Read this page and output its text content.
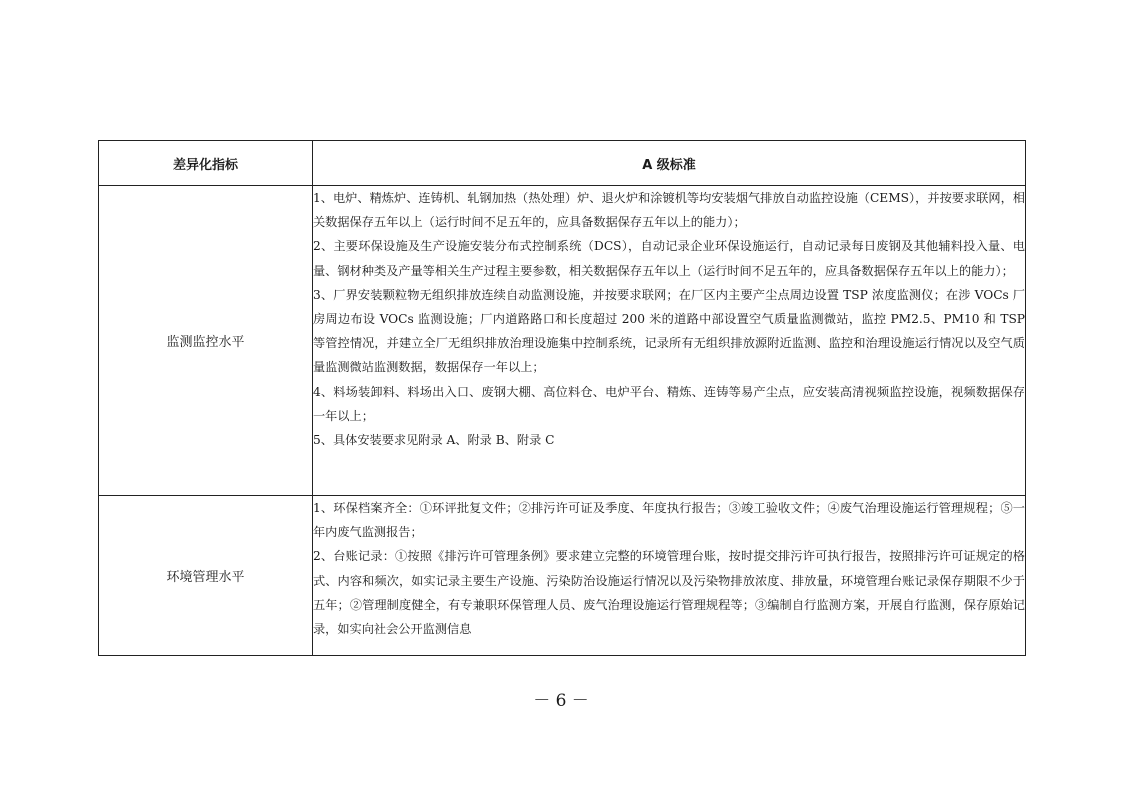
差异化指标	A 级标准
监测监控水平	1、电炉、精炼炉、连铸机、轧钢加热（热处理）炉、退火炉和涂镀机等均安装烟气排放自动监控设施（CEMS），并按要求联网，相关数据保存五年以上（运行时间不足五年的，应具备数据保存五年以上的能力）；

2、主要环保设施及生产设施安装分布式控制系统（DCS），自动记录企业环保设施运行，自动记录每日废钢及其他辅料投入量、电量、钢材种类及产量等相关生产过程主要参数，相关数据保存五年以上（运行时间不足五年的，应具备数据保存五年以上的能力）；

3、厂界安装颗粒物无组织排放连续自动监测设施，并按要求联网；在厂区内主要产尘点周边设置 TSP 浓度监测仪；在涉 VOCs 厂房周边布设 VOCs 监测设施；厂内道路路口和长度超过 200 米的道路中部设置空气质量监测微站，监控 PM2.5、PM10 和 TSP 等管控情况，并建立全厂无组织排放治理设施集中控制系统，记录所有无组织排放源附近监测、监控和治理设施运行情况以及空气质量监测微站监测数据，数据保存一年以上；

4、料场装卸料、料场出入口、废钢大棚、高位料仓、电炉平台、精炼、连铸等易产尘点，应安装高清视频监控设施，视频数据保存一年以上；

5、具体安装要求见附录 A、附录 B、附录 C

环境管理水平	1、环保档案齐全：①环评批复文件；②排污许可证及季度、年度执行报告；③竣工验收文件；④废气治理设施运行管理规程；⑤一年内废气监测报告；

2、台账记录：①按照《排污许可管理条例》要求建立完整的环境管理台账，按时提交排污许可执行报告，按照排污许可证规定的格式、内容和频次，如实记录主要生产设施、污染防治设施运行情况以及污染物排放浓度、排放量，环境管理台账记录保存期限不少于五年；②管理制度健全，有专兼职环保管理人员、废气治理设施运行管理规程等；③编制自行监测方案，开展自行监测，保存原始记录，如实向社会公开监测信息

－ 6 －
